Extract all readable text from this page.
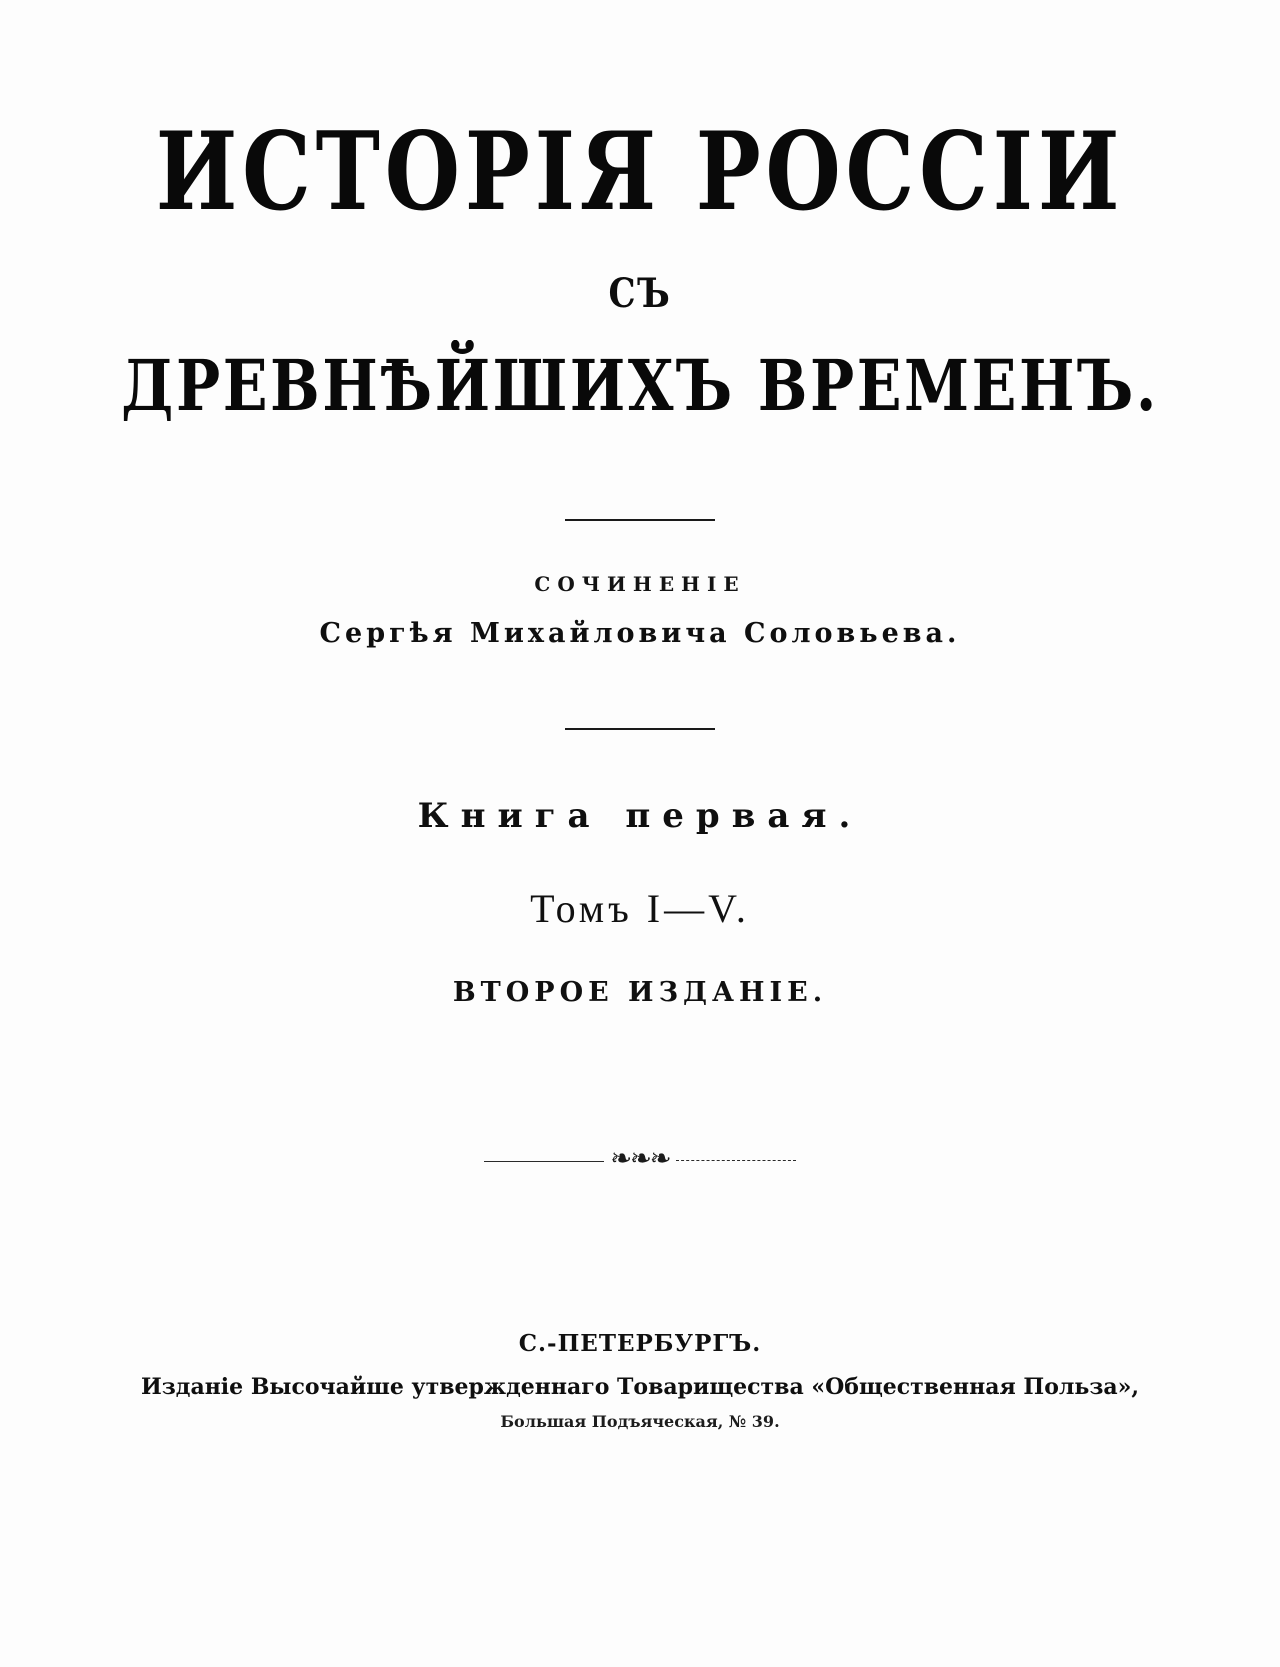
ИСТОРІЯ РОССІИ
СЪ
ДРЕВНѢЙШИХЪ ВРЕМЕНЪ.
СОЧИНЕНIЕ
Сергѣя Михайловича Соловьева.
Книга первая.
Томъ I—V.
ВТОРОЕ ИЗДАНIЕ.
❧❧❧
С.-ПЕТЕРБУРГЪ.
Изданіе Высочайше утвержденнаго Товарищества «Общественная Польза»,
Большая Подъяческая, № 39.
